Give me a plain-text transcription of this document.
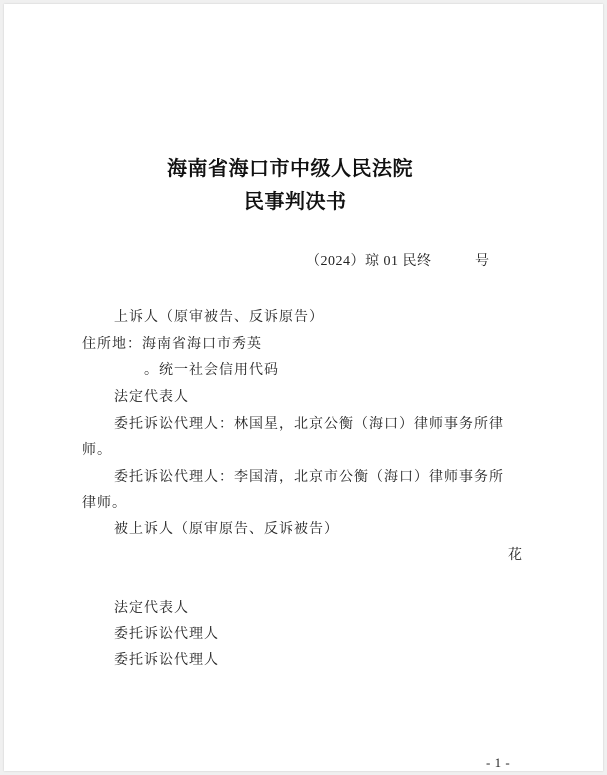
海南省海口市中级人民法院
民事判决书
（2024）琼 01 民终　　　号
上诉人（原审被告、反诉原告）
住所地：海南省海口市秀英
。统一社会信用代码
法定代表人
委托诉讼代理人：林国星，北京公衡（海口）律师事务所律
师。
委托诉讼代理人：李国清，北京市公衡（海口）律师事务所
律师。
被上诉人（原审原告、反诉被告）
花
法定代表人
委托诉讼代理人
委托诉讼代理人
- 1 -
